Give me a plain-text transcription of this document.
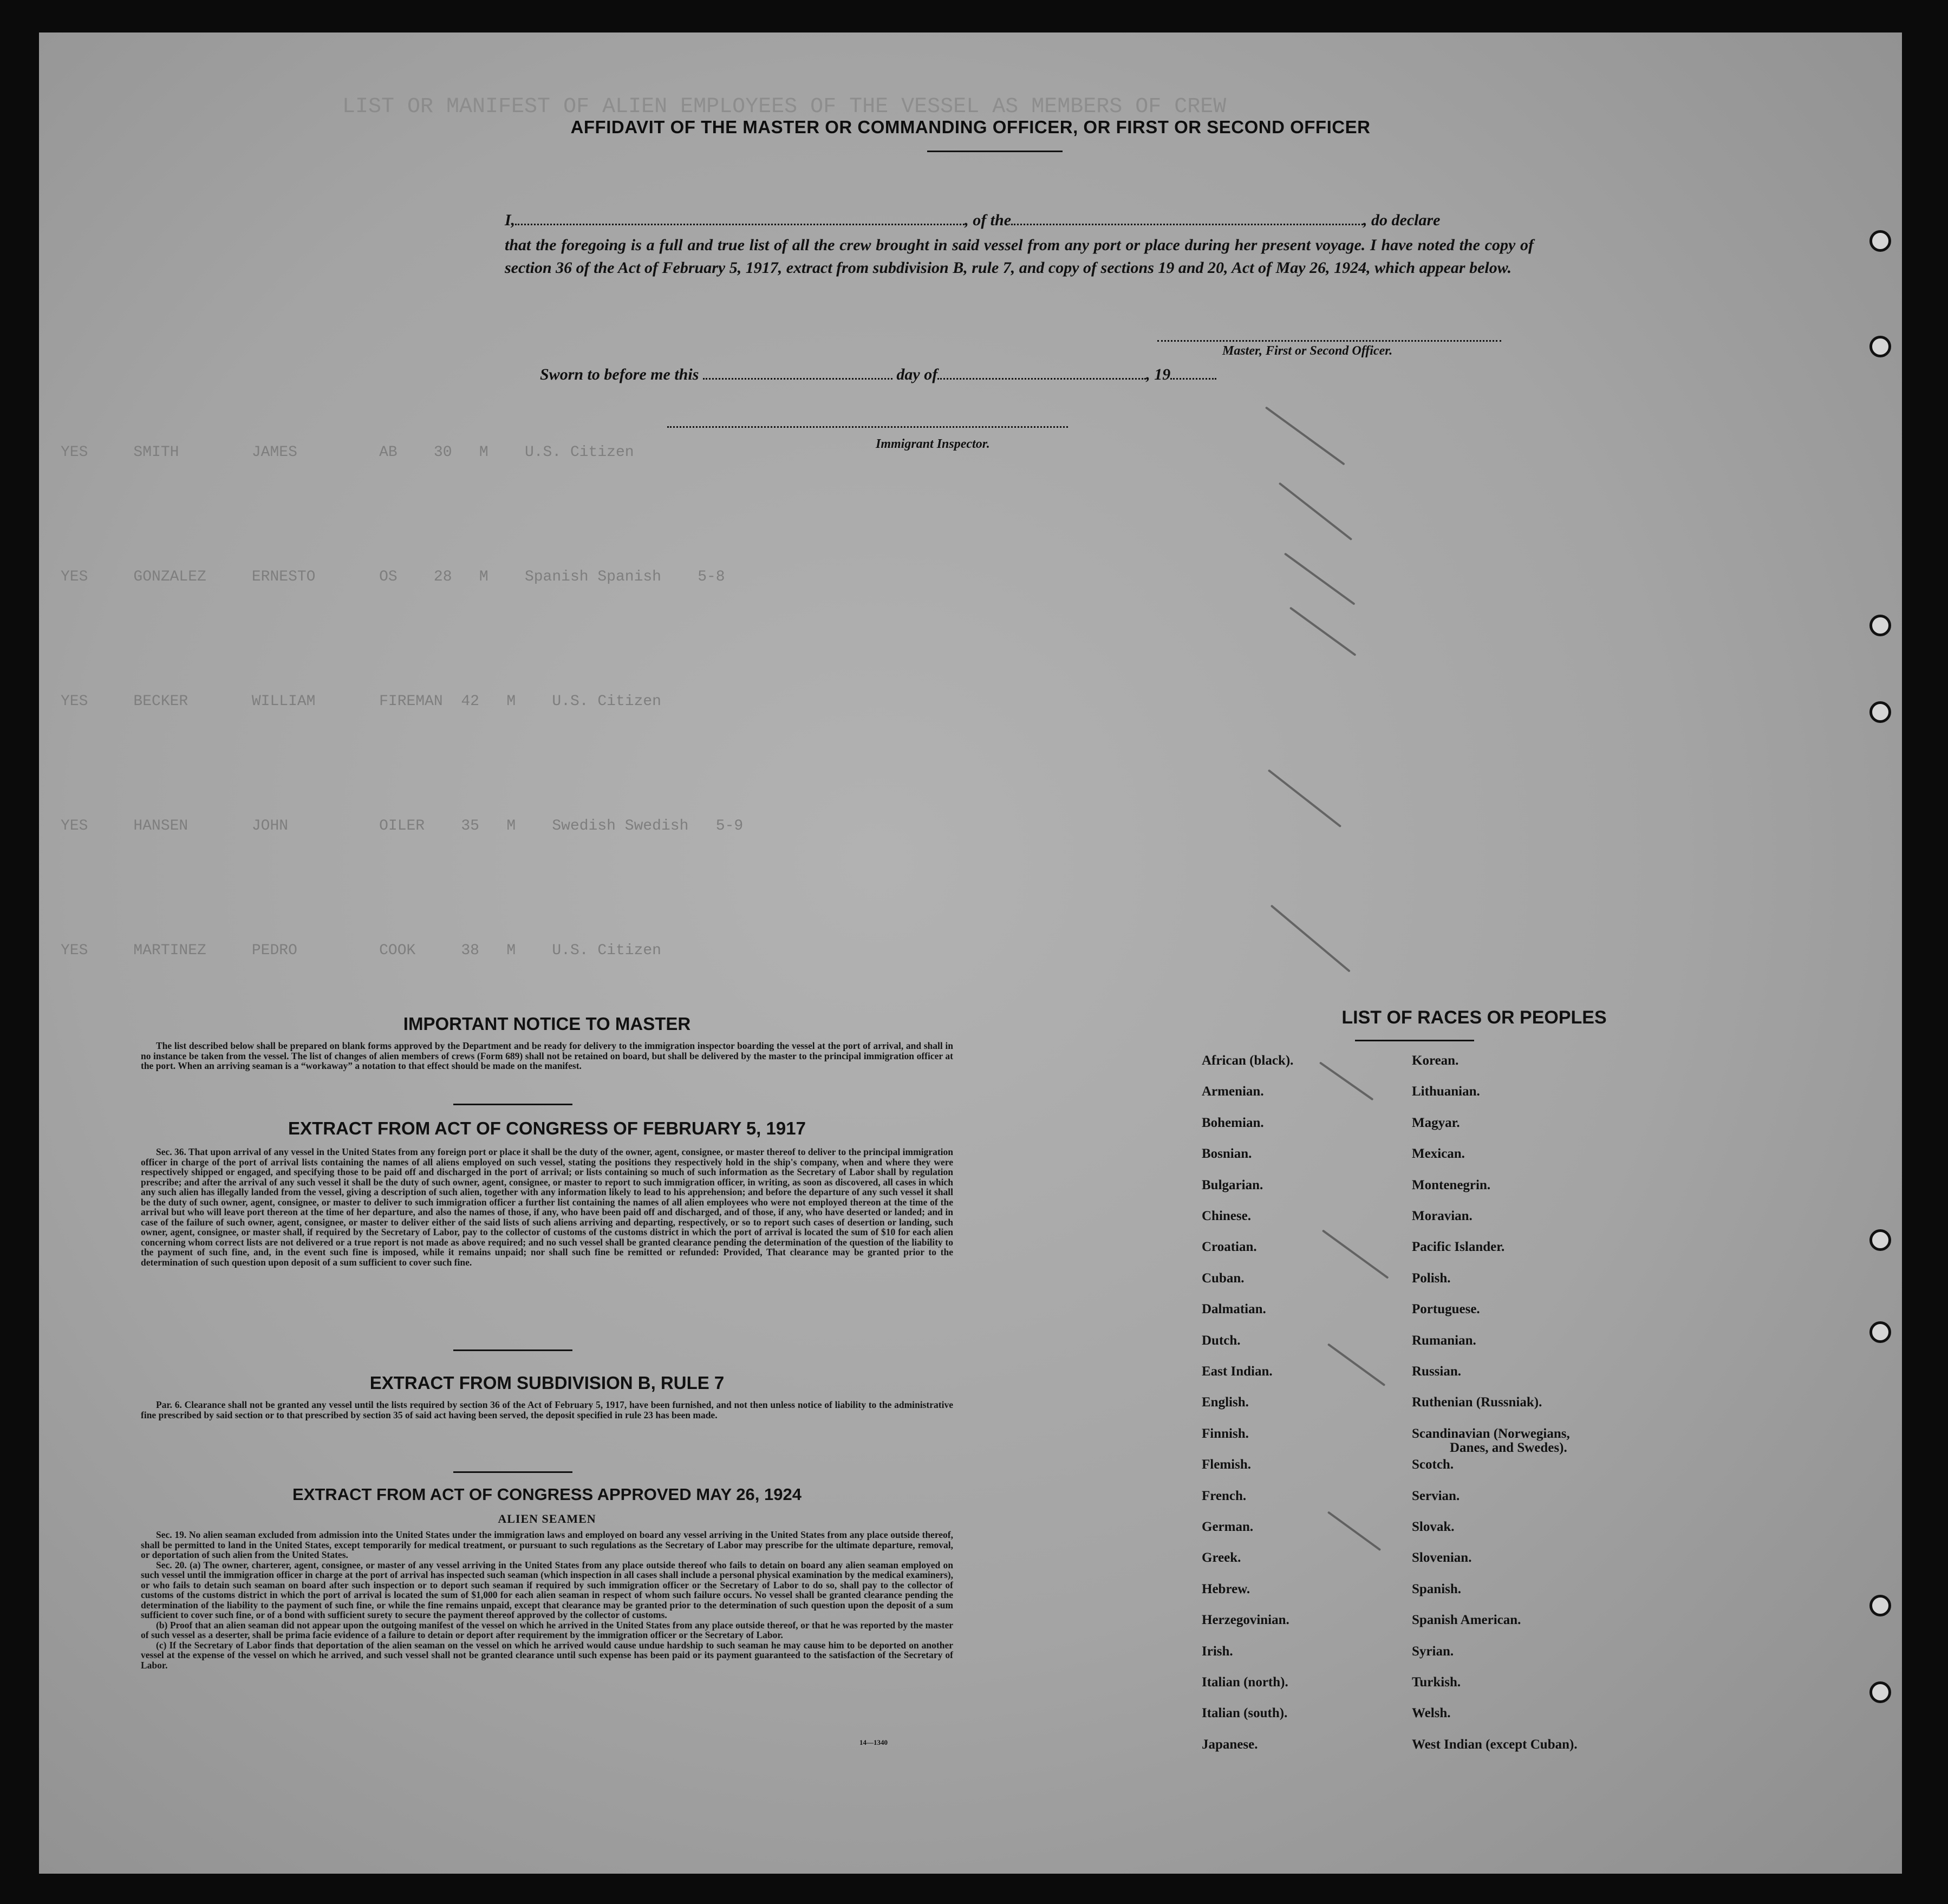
LIST OR MANIFEST OF ALIEN EMPLOYEES OF THE VESSEL AS MEMBERS OF CREW
YES     SMITH        JAMES         AB    30   M    U.S. Citizen
YES     GONZALEZ     ERNESTO       OS    28   M    Spanish Spanish    5-8
YES     BECKER       WILLIAM       FIREMAN  42   M    U.S. Citizen
YES     HANSEN       JOHN          OILER    35   M    Swedish Swedish   5-9
YES     MARTINEZ     PEDRO         COOK     38   M    U.S. Citizen
AFFIDAVIT OF THE MASTER OR COMMANDING OFFICER, OR FIRST OR SECOND OFFICER
I,	, of the	, do declare
that the foregoing is a full and true list of all the crew brought in said vessel from any port or place during her present voyage. I have noted the copy of section 36 of the Act of February 5, 1917, extract from subdivision B, rule 7, and copy of sections 19 and 20, Act of May 26, 1924, which appear below.
Master, First or Second Officer.
Sworn to before me this	day of	, 19
Immigrant Inspector.
IMPORTANT NOTICE TO MASTER

The list described below shall be prepared on blank forms approved by the Department and be ready for delivery to the immigration inspector boarding the vessel at the port of arrival, and shall in no instance be taken from the vessel. The list of changes of alien members of crews (Form 689) shall not be retained on board, but shall be delivered by the master to the principal immigration officer at the port. When an arriving seaman is a “workaway” a notation to that effect should be made on the manifest.

EXTRACT FROM ACT OF CONGRESS OF FEBRUARY 5, 1917

Sec. 36. That upon arrival of any vessel in the United States from any foreign port or place it shall be the duty of the owner, agent, consignee, or master thereof to deliver to the principal immigration officer in charge of the port of arrival lists containing the names of all aliens employed on such vessel, stating the positions they respectively hold in the ship's company, when and where they were respectively shipped or engaged, and specifying those to be paid off and discharged in the port of arrival; or lists containing so much of such information as the Secretary of Labor shall by regulation prescribe; and after the arrival of any such vessel it shall be the duty of such owner, agent, consignee, or master to report to such immigration officer, in writing, as soon as discovered, all cases in which any such alien has illegally landed from the vessel, giving a description of such alien, together with any information likely to lead to his apprehension; and before the departure of any such vessel it shall be the duty of such owner, agent, consignee, or master to deliver to such immigration officer a further list containing the names of all alien employees who were not employed thereon at the time of the arrival but who will leave port thereon at the time of her departure, and also the names of those, if any, who have been paid off and discharged, and of those, if any, who have deserted or landed; and in case of the failure of such owner, agent, consignee, or master to deliver either of the said lists of such aliens arriving and departing, respectively, or so to report such cases of desertion or landing, such owner, agent, consignee, or master shall, if required by the Secretary of Labor, pay to the collector of customs of the customs district in which the port of arrival is located the sum of $10 for each alien concerning whom correct lists are not delivered or a true report is not made as above required; and no such vessel shall be granted clearance pending the determination of the question of the liability to the payment of such fine, and, in the event such fine is imposed, while it remains unpaid; nor shall such fine be remitted or refunded: Provided, That clearance may be granted prior to the determination of such question upon deposit of a sum sufficient to cover such fine.

EXTRACT FROM SUBDIVISION B, RULE 7

Par. 6. Clearance shall not be granted any vessel until the lists required by section 36 of the Act of February 5, 1917, have been furnished, and not then unless notice of liability to the administrative fine prescribed by said section or to that prescribed by section 35 of said act having been served, the deposit specified in rule 23 has been made.

EXTRACT FROM ACT OF CONGRESS APPROVED MAY 26, 1924
ALIEN SEAMEN

Sec. 19. No alien seaman excluded from admission into the United States under the immigration laws and employed on board any vessel arriving in the United States from any place outside thereof, shall be permitted to land in the United States, except temporarily for medical treatment, or pursuant to such regulations as the Secretary of Labor may prescribe for the ultimate departure, removal, or deportation of such alien from the United States.

Sec. 20. (a) The owner, charterer, agent, consignee, or master of any vessel arriving in the United States from any place outside thereof who fails to detain on board any alien seaman employed on such vessel until the immigration officer in charge at the port of arrival has inspected such seaman (which inspection in all cases shall include a personal physical examination by the medical examiners), or who fails to detain such seaman on board after such inspection or to deport such seaman if required by such immigration officer or the Secretary of Labor to do so, shall pay to the collector of customs of the customs district in which the port of arrival is located the sum of $1,000 for each alien seaman in respect of whom such failure occurs. No vessel shall be granted clearance pending the determination of the liability to the payment of such fine, or while the fine remains unpaid, except that clearance may be granted prior to the determination of such question upon the deposit of a sum sufficient to cover such fine, or of a bond with sufficient surety to secure the payment thereof approved by the collector of customs.

(b) Proof that an alien seaman did not appear upon the outgoing manifest of the vessel on which he arrived in the United States from any place outside thereof, or that he was reported by the master of such vessel as a deserter, shall be prima facie evidence of a failure to detain or deport after requirement by the immigration officer or the Secretary of Labor.

(c) If the Secretary of Labor finds that deportation of the alien seaman on the vessel on which he arrived would cause undue hardship to such seaman he may cause him to be deported on another vessel at the expense of the vessel on which he arrived, and such vessel shall not be granted clearance until such expense has been paid or its payment guaranteed to the satisfaction of the Secretary of Labor.

14—1340
LIST OF RACES OR PEOPLES
African (black).
Armenian.
Bohemian.
Bosnian.
Bulgarian.
Chinese.
Croatian.
Cuban.
Dalmatian.
Dutch.
East Indian.
English.
Finnish.
Flemish.
French.
German.
Greek.
Hebrew.
Herzegovinian.
Irish.
Italian (north).
Italian (south).
Japanese.
Korean.
Lithuanian.
Magyar.
Mexican.
Montenegrin.
Moravian.
Pacific Islander.
Polish.
Portuguese.
Rumanian.
Russian.
Ruthenian (Russniak).
Scandinavian (Norwegians,
Danes, and Swedes).
Scotch.
Servian.
Slovak.
Slovenian.
Spanish.
Spanish American.
Syrian.
Turkish.
Welsh.
West Indian (except Cuban).
